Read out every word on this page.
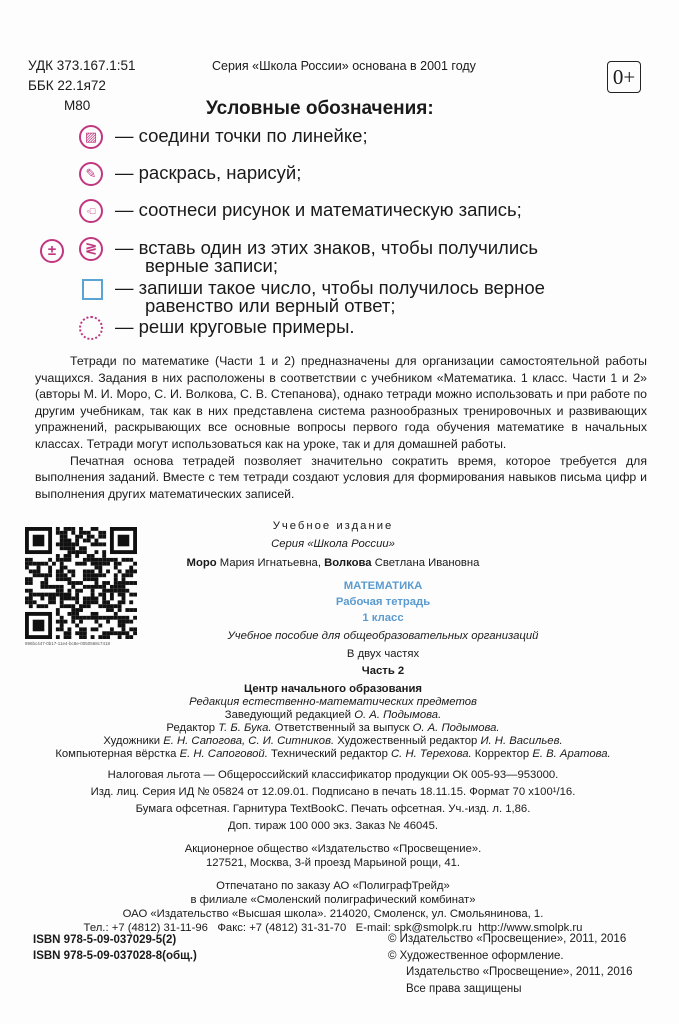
УДК 373.167.1:51
ББК 22.1я72
М80
Серия «Школа России» основана в 2001 году	0+
Условные обозначения:
▨ — соедини точки по линейке;
✎	— раскрась, нарисуй;
◦□	— соотнеси рисунок и математическую запись;
±	≷ — вставь один из этих знаков, чтобы получились
верные записи;
— запиши такое число, чтобы получилось верное
равенство или верный ответ;
— реши круговые примеры.

Тетради по математике (Части 1 и 2) предназначены для организации самостоятельной работы учащихся. Задания в них расположены в соответствии с учебником «Математика. 1 класс. Части 1 и 2» (авторы М. И. Моро, С. И. Волкова, С. В. Степанова), однако тетради можно использовать и при работе по другим учебникам, так как в них представлена система разнообразных тренировочных и развивающих упражнений, раскрывающих все основные вопросы первого года обучения математике в начальных классах. Тетради могут использоваться как на уроке, так и для домашней работы.

Печатная основа тетрадей позволяет значительно сократить время, которое требуется для выполнения заданий. Вместе с тем тетради создают условия для формирования навыков письма цифр и выполнения других математических записей.

896bc447-0b17-11e4-bc8e-0050568c7418
Учебное издание
Серия «Школа России»
Моро Мария Игнатьевна, Волкова Светлана Ивановна
МАТЕМАТИКА
Рабочая тетрадь
1 класс
Учебное пособие для общеобразовательных организаций
В двух частях
Часть 2
Центр начального образования
Редакция естественно-математических предметов
Заведующий редакцией О. А. Подымова.
Редактор Т. Б. Бука. Ответственный за выпуск О. А. Подымова.
Художники Е. Н. Сапогова, С. И. Ситников. Художественный редактор И. Н. Васильев.
Компьютерная вёрстка Е. Н. Сапоговой. Технический редактор С. Н. Терехова. Корректор Е. В. Аратова.
Налоговая льгота — Общероссийский классификатор продукции ОК 005-93—953000.
Изд. лиц. Серия ИД № 05824 от 12.09.01. Подписано в печать 18.11.15. Формат 70 x100¹/16.
Бумага офсетная. Гарнитура TextBookC. Печать офсетная. Уч.-изд. л. 1,86.
Доп. тираж 100 000 экз. Заказ № 46045.
Акционерное общество «Издательство «Просвещение».
127521, Москва, 3-й проезд Марьиной рощи, 41.
Отпечатано по заказу АО «ПолиграфТрейд»
в филиале «Смоленский полиграфический комбинат»
ОАО «Издательство «Высшая школа». 214020, Смоленск, ул. Смольянинова, 1.
Тел.: +7 (4812) 31-11-96   Факс: +7 (4812) 31-31-70   E-mail: spk@smolpk.ru  http://www.smolpk.ru
ISBN 978-5-09-037029-5(2)
ISBN 978-5-09-037028-8(общ.)
© Издательство «Просвещение», 2011, 2016
© Художественное оформление.
Издательство «Просвещение», 2011, 2016
Все права защищены
